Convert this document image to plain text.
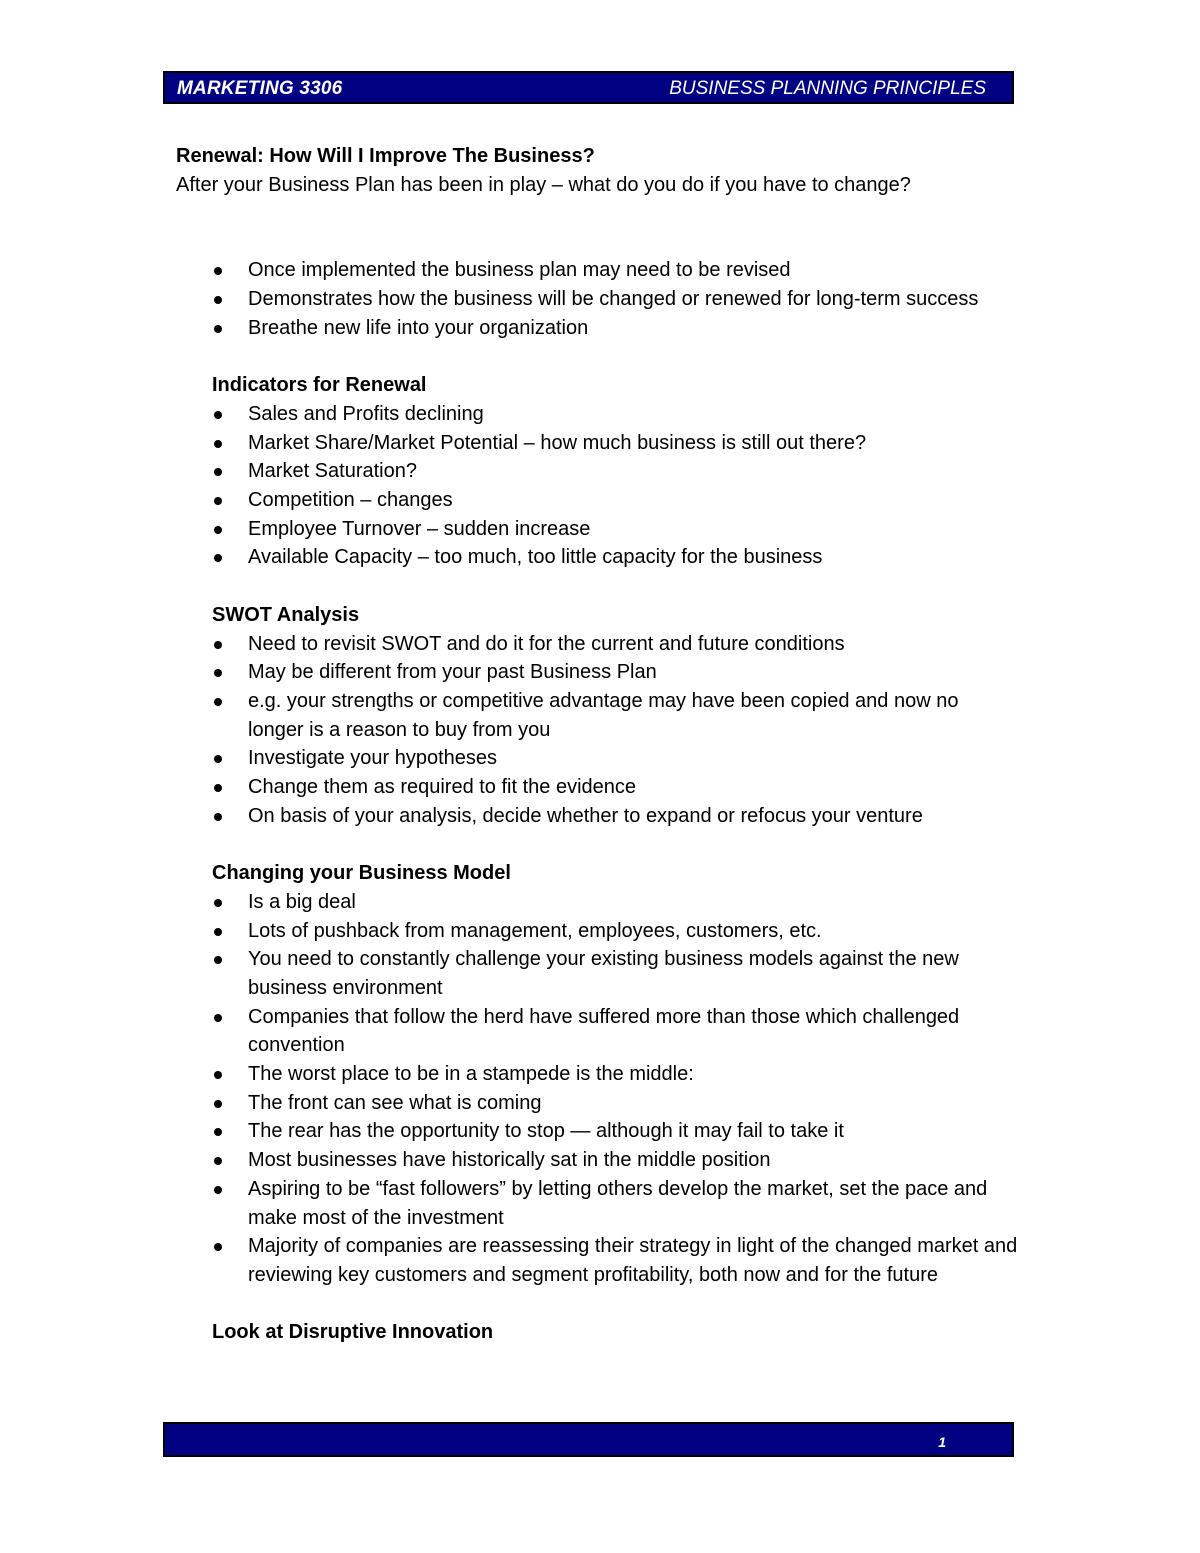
MARKETING 3306	BUSINESS PLANNING PRINCIPLES
Renewal: How Will I Improve The Business?
After your Business Plan has been in play – what do you do if you have to change?
Once implemented the business plan may need to be revised
Demonstrates how the business will be changed or renewed for long-term success
Breathe new life into your organization
Indicators for Renewal
Sales and Profits declining
Market Share/Market Potential – how much business is still out there?
Market Saturation?
Competition – changes
Employee Turnover – sudden increase
Available Capacity – too much, too little capacity for the business
SWOT Analysis
Need to revisit SWOT and do it for the current and future conditions
May be different from your past Business Plan
e.g. your strengths or competitive advantage may have been copied and now no longer is a reason to buy from you
Investigate your hypotheses
Change them as required to fit the evidence
On basis of your analysis, decide whether to expand or refocus your venture
Changing your Business Model
Is a big deal
Lots of pushback from management, employees, customers, etc.
You need to constantly challenge your existing business models against the new business environment
Companies that follow the herd have suffered more than those which challenged convention
The worst place to be in a stampede is the middle:
The front can see what is coming
The rear has the opportunity to stop — although it may fail to take it
Most businesses have historically sat in the middle position
Aspiring to be “fast followers” by letting others develop the market, set the pace and make most of the investment
Majority of companies are reassessing their strategy in light of the changed market and reviewing key customers and segment profitability, both now and for the future
Look at Disruptive Innovation
1
